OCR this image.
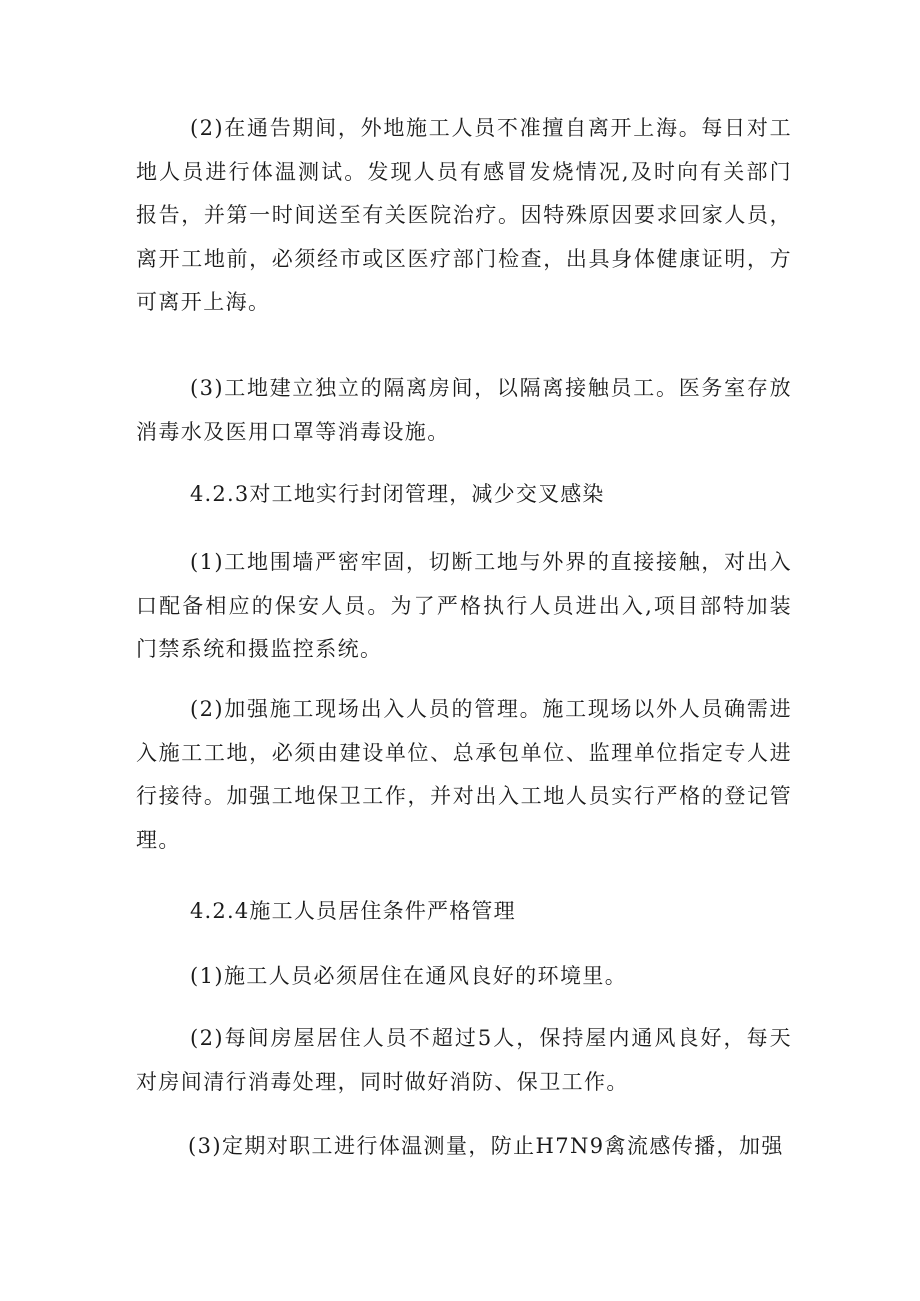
(2)在通告期间，外地施工人员不准擅自离开上海。每日对工地人员进行体温测试。发现人员有感冒发烧情况,及时向有关部门报告，并第一时间送至有关医院治疗。因特殊原因要求回家人员，离开工地前，必须经市或区医疗部门检查，出具身体健康证明，方可离开上海。

(3)工地建立独立的隔离房间，以隔离接触员工。医务室存放消毒水及医用口罩等消毒设施。

4.2.3对工地实行封闭管理，减少交叉感染

(1)工地围墙严密牢固，切断工地与外界的直接接触，对出入口配备相应的保安人员。为了严格执行人员进出入,项目部特加装门禁系统和摄监控系统。

(2)加强施工现场出入人员的管理。施工现场以外人员确需进入施工工地，必须由建设单位、总承包单位、监理单位指定专人进行接待。加强工地保卫工作，并对出入工地人员实行严格的登记管理。

4.2.4施工人员居住条件严格管理

(1)施工人员必须居住在通风良好的环境里。

(2)每间房屋居住人员不超过5人，保持屋内通风良好，每天对房间清行消毒处理，同时做好消防、保卫工作。

(3)定期对职工进行体温测量，防止H7N9禽流感传播，加强
